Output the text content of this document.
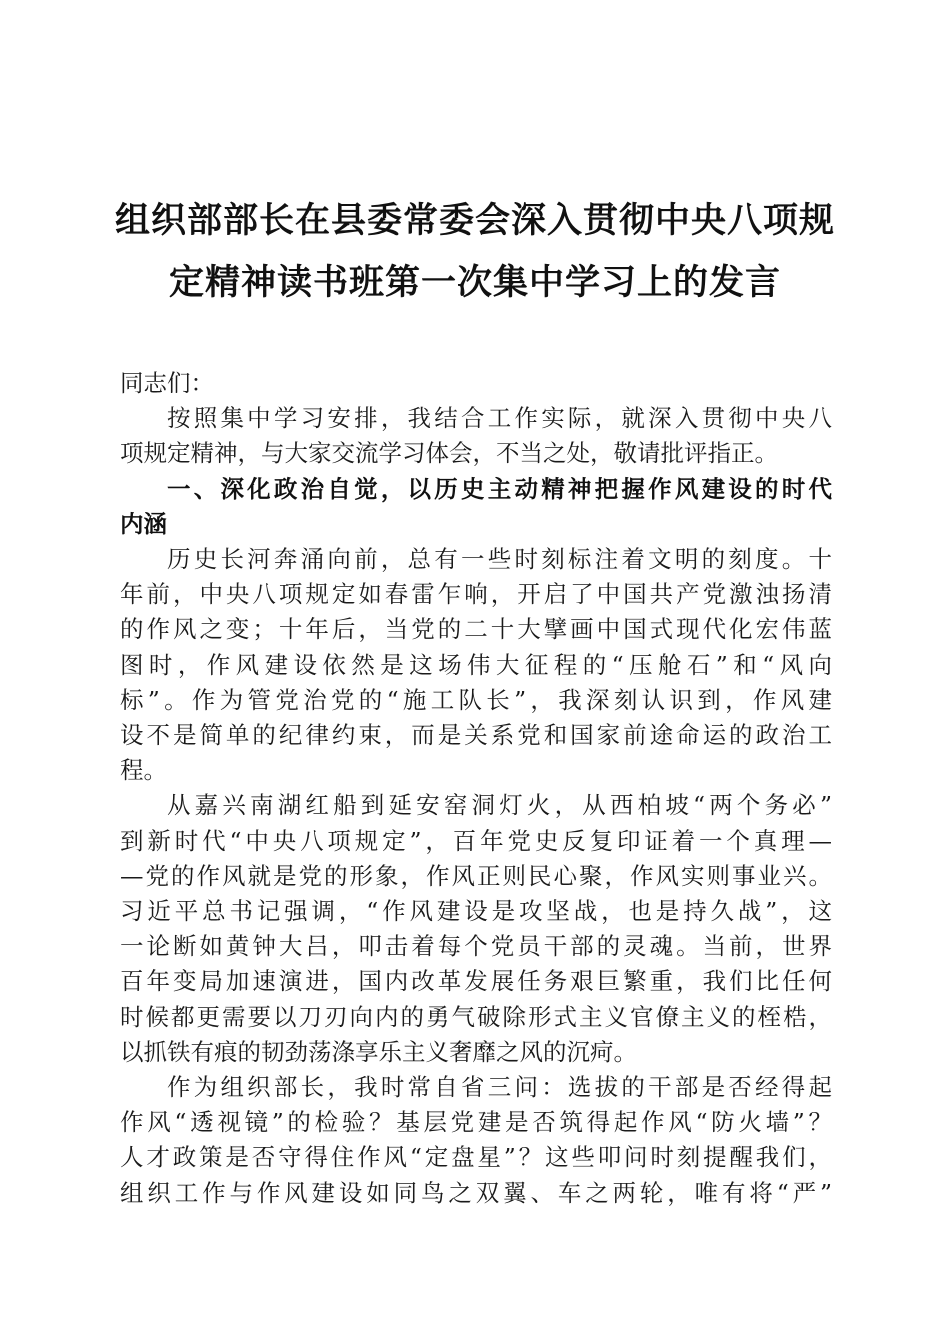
组织部部长在县委常委会深入贯彻中央八项规
定精神读书班第一次集中学习上的发言
同志们：
按照集中学习安排，我结合工作实际，就深入贯彻中央八
项规定精神，与大家交流学习体会，不当之处，敬请批评指正。
一、深化政治自觉，以历史主动精神把握作风建设的时代
内涵
历史长河奔涌向前，总有一些时刻标注着文明的刻度。十
年前，中央八项规定如春雷乍响，开启了中国共产党激浊扬清
的作风之变；十年后，当党的二十大擘画中国式现代化宏伟蓝
图时，作风建设依然是这场伟大征程的“压舱石”和“风向
标”。作为管党治党的“施工队长”，我深刻认识到，作风建
设不是简单的纪律约束，而是关系党和国家前途命运的政治工
程。
从嘉兴南湖红船到延安窑洞灯火，从西柏坡“两个务必”
到新时代“中央八项规定”，百年党史反复印证着一个真理—
—党的作风就是党的形象，作风正则民心聚，作风实则事业兴。
习近平总书记强调，“作风建设是攻坚战，也是持久战”，这
一论断如黄钟大吕，叩击着每个党员干部的灵魂。当前，世界
百年变局加速演进，国内改革发展任务艰巨繁重，我们比任何
时候都更需要以刀刃向内的勇气破除形式主义官僚主义的桎梏，
以抓铁有痕的韧劲荡涤享乐主义奢靡之风的沉疴。
作为组织部长，我时常自省三问：选拔的干部是否经得起
作风“透视镜”的检验？基层党建是否筑得起作风“防火墙”？
人才政策是否守得住作风“定盘星”？这些叩问时刻提醒我们，
组织工作与作风建设如同鸟之双翼、车之两轮，唯有将“严”
